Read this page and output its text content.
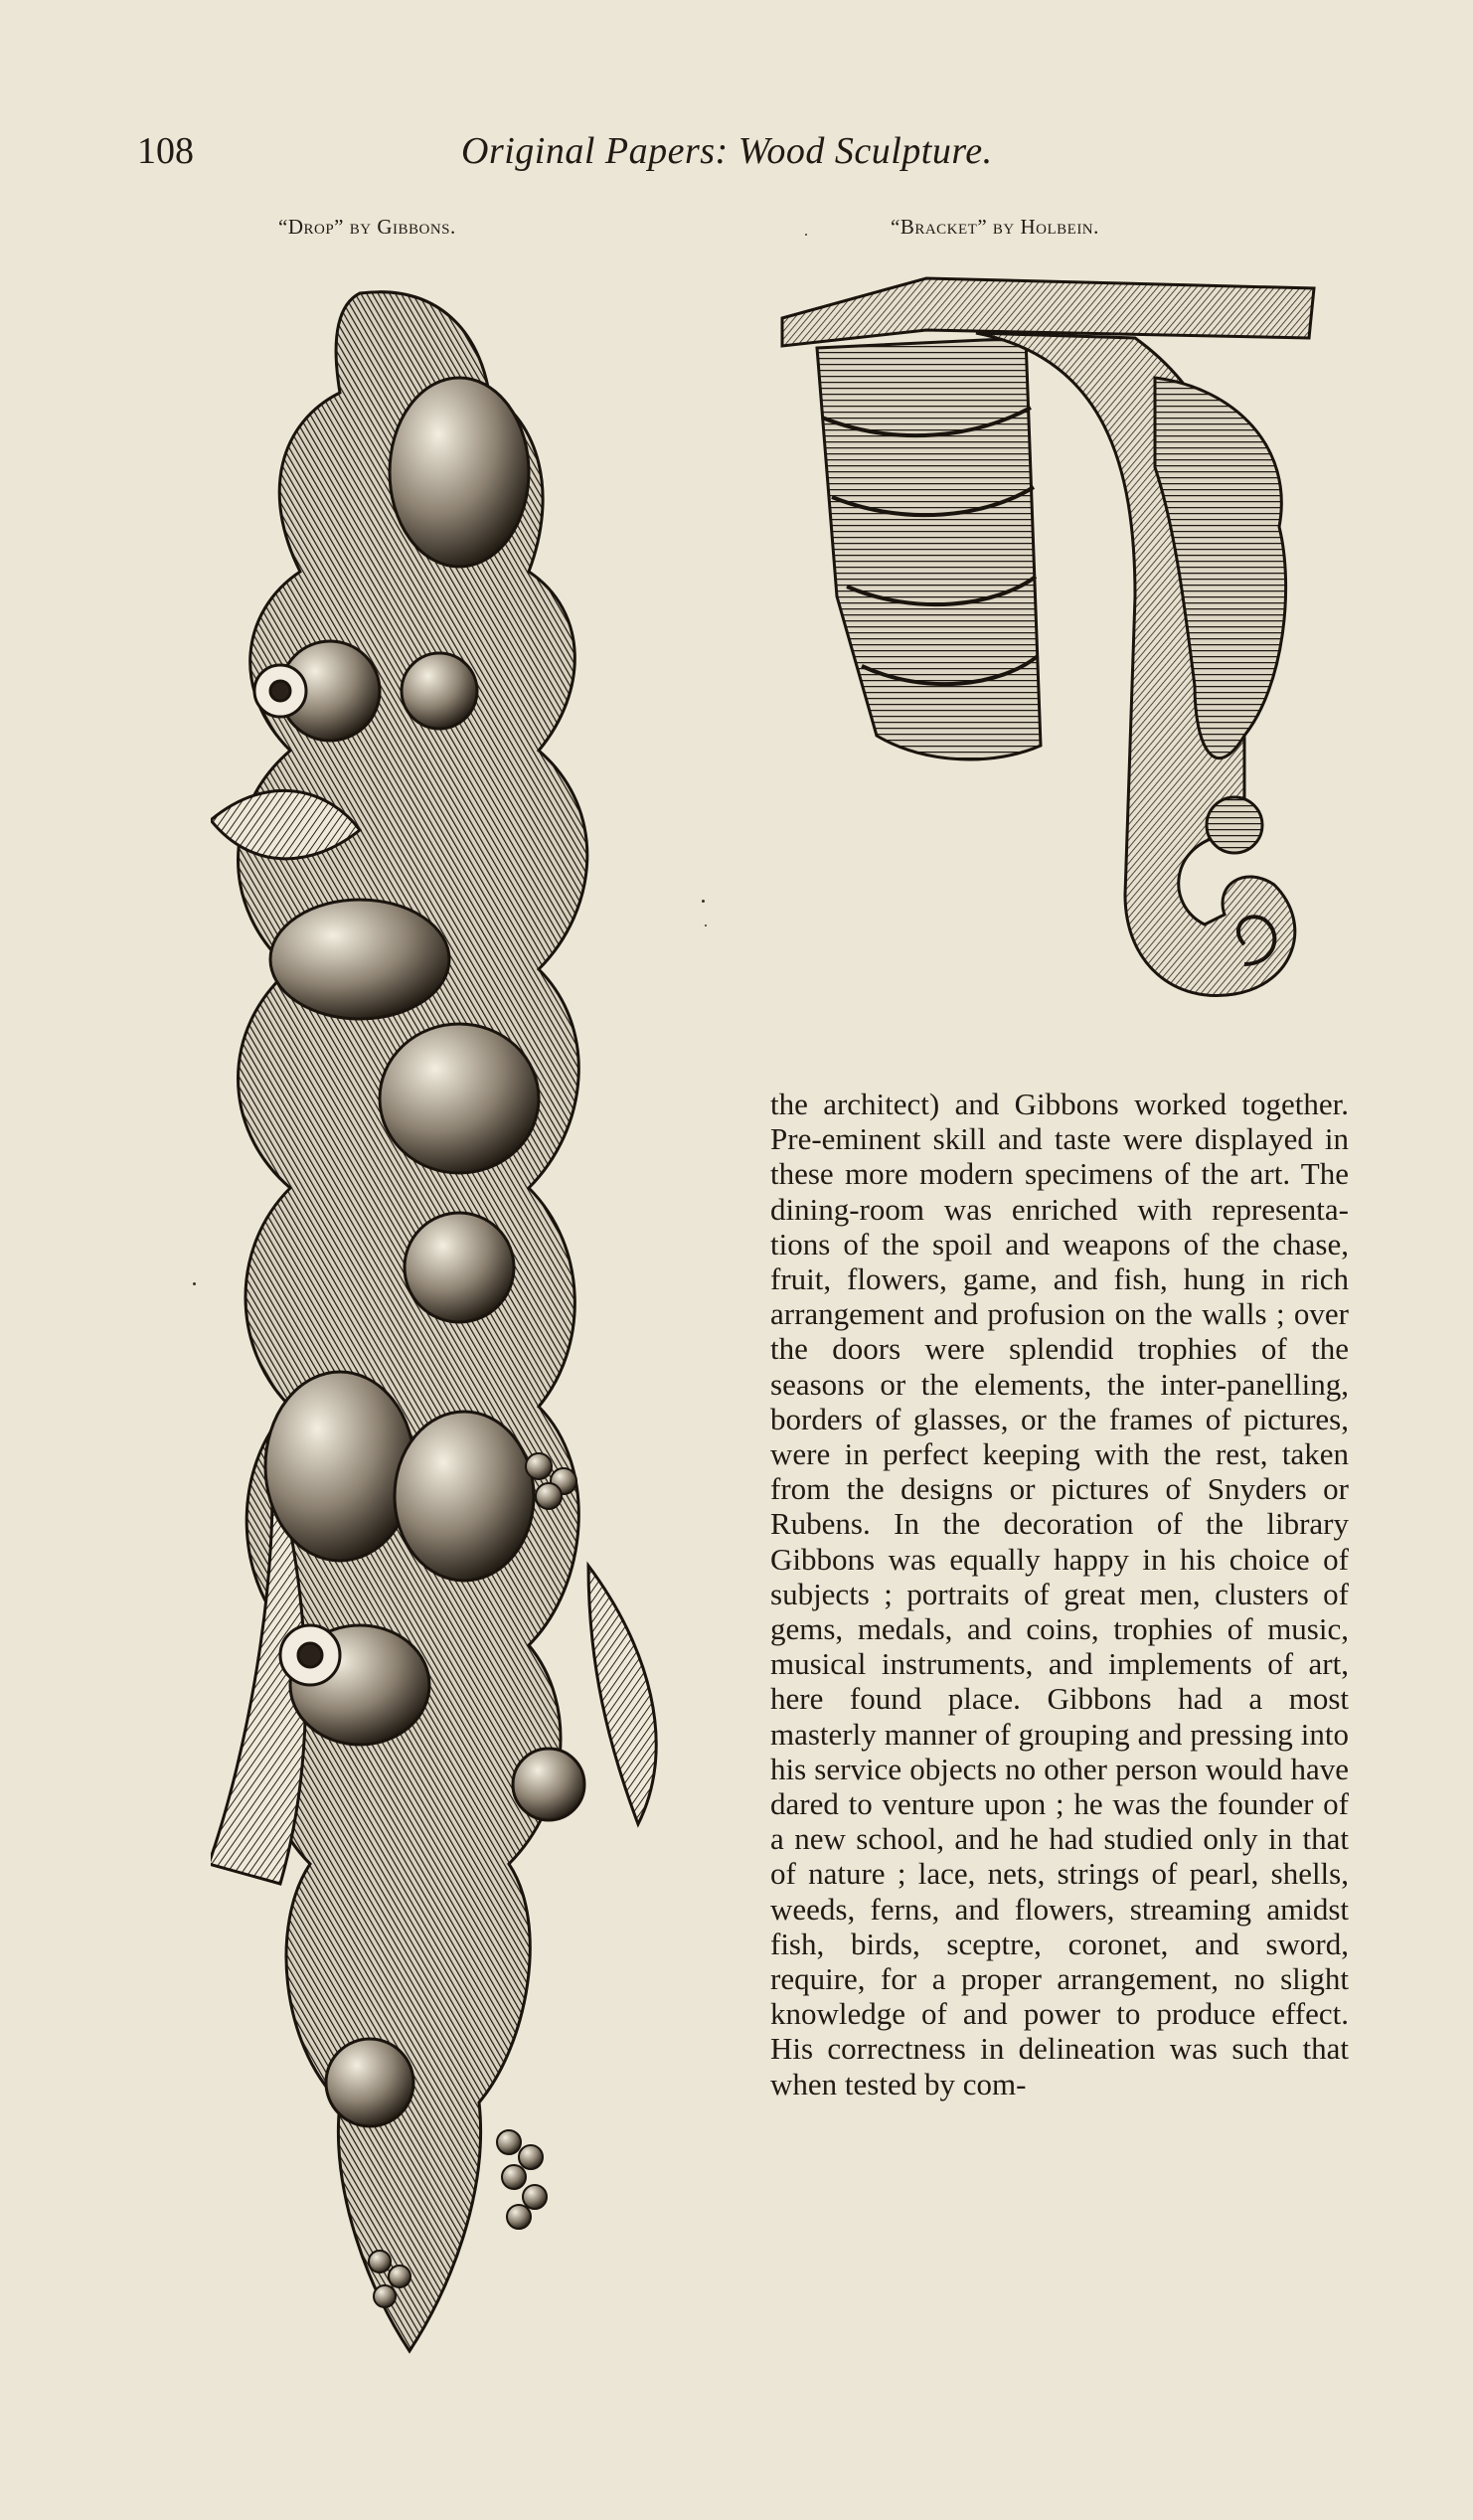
108	Original Papers: Wood Sculpture.
“Drop” by Gibbons.	“Bracket” by Holbein.

the architect) and Gibbons worked together. Pre-eminent skill and taste were displayed in these more modern specimens of the art. The dining-room was enriched with representations of the spoil and weapons of the chase, fruit, flowers, game, and fish, hung in rich arrangement and profusion on the walls ; over the doors were splendid trophies of the seasons or the elements, the inter-panelling, borders of glasses, or the frames of pictures, were in perfect keeping with the rest, taken from the designs or pictures of Snyders or Rubens. In the decoration of the library Gibbons was equally happy in his choice of subjects ; portraits of great men, clusters of gems, medals, and coins, trophies of music, musical instruments, and implements of art, here found place. Gibbons had a most masterly manner of grouping and pressing into his service objects no other person would have dared to venture upon ; he was the founder of a new school, and he had studied only in that of nature ; lace, nets, strings of pearl, shells, weeds, ferns, and flowers, streaming amidst fish, birds, sceptre, coronet, and sword, require, for a proper arrangement, no slight knowledge of and power to produce effect. His correctness in delineation was such that when tested by com-
